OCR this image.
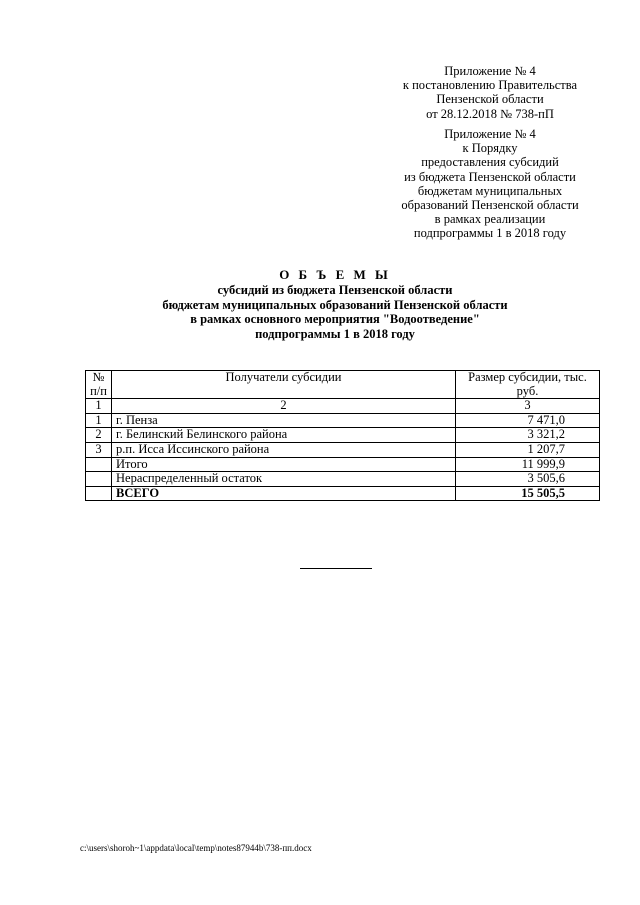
Приложение № 4
к постановлению Правительства
Пензенской области
от 28.12.2018 № 738-пП
Приложение № 4
к Порядку
предоставления субсидий
из бюджета Пензенской области
бюджетам муниципальных
образований Пензенской области
в рамках реализации
подпрограммы 1 в 2018 году
О Б Ъ Е М Ы
субсидий из бюджета Пензенской области
бюджетам муниципальных образований Пензенской области
в рамках основного мероприятия "Водоотведение"
подпрограммы 1 в 2018 году
№ п/п	Получатели субсидии	Размер субсидии, тыс. руб.
1	2	3
1	г. Пенза	7 471,0
2	г. Белинский Белинского района	3 321,2
3	р.п. Исса Иссинского района	1 207,7
	Итого	11 999,9
	Нераспределенный остаток	3 505,6
	ВСЕГО	15 505,5
c:\users\shoroh~1\appdata\local\temp\notes87944b\738-пп.docx
